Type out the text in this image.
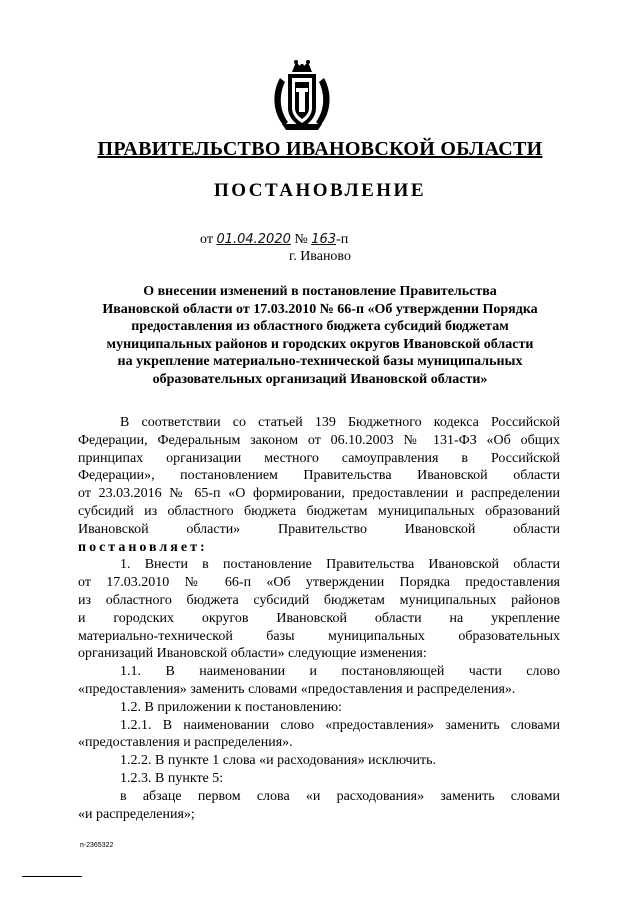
ПРАВИТЕЛЬСТВО ИВАНОВСКОЙ ОБЛАСТИ
ПОСТАНОВЛЕНИЕ
от 01.04.2020 № 163-п
г. Иваново
О внесении изменений в постановление Правительства
Ивановской области от 17.03.2010 № 66-п «Об утверждении Порядка
предоставления из областного бюджета субсидий бюджетам
муниципальных районов и городских округов Ивановской области
на укрепление материально-технической базы муниципальных
образовательных организаций Ивановской области»

В соответствии со статьей 139 Бюджетного кодекса Российской

Федерации, Федеральным законом от 06.10.2003 № 131-ФЗ «Об общих

принципах организации местного самоуправления в Российской

Федерации», постановлением Правительства Ивановской области

от 23.03.2016 № 65-п «О формировании, предоставлении и распределении

субсидий из областного бюджета бюджетам муниципальных образований

Ивановской области» Правительство Ивановской области

постановляет:

1. Внести в постановление Правительства Ивановской области

от 17.03.2010 № 66-п «Об утверждении Порядка предоставления

из областного бюджета субсидий бюджетам муниципальных районов

и городских округов Ивановской области на укрепление

материально-технической базы муниципальных образовательных

организаций Ивановской области» следующие изменения:

1.1. В наименовании и постановляющей части слово

«предоставления» заменить словами «предоставления и распределения».

1.2. В приложении к постановлению:

1.2.1. В наименовании слово «предоставления» заменить словами

«предоставления и распределения».

1.2.2. В пункте 1 слова «и расходования» исключить.

1.2.3. В пункте 5:

в абзаце первом слова «и расходования» заменить словами

«и распределения»;

п-2365322
